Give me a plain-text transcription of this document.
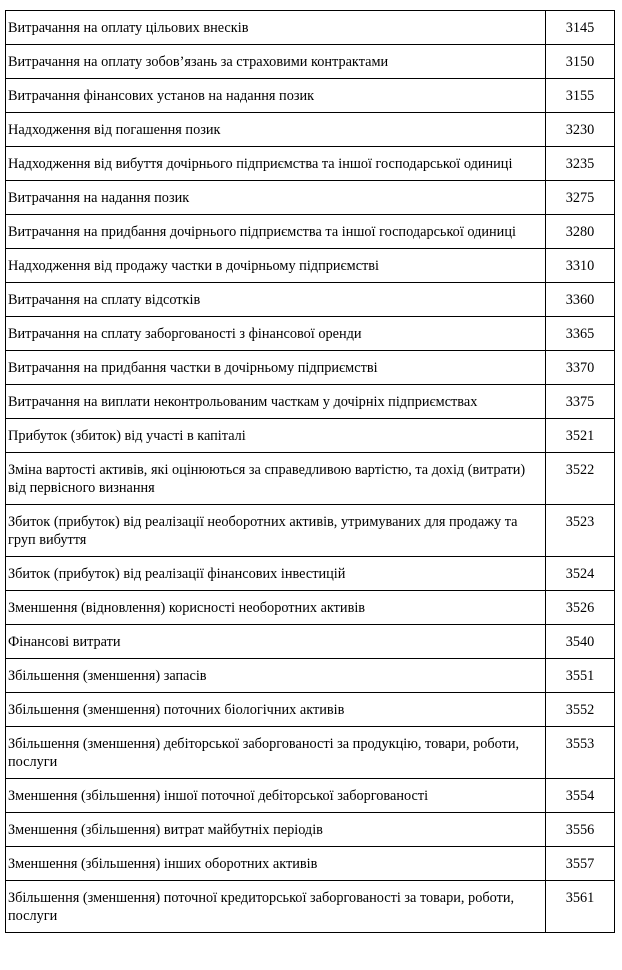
Витрачання на оплату цільових внесків	3145
Витрачання на оплату зобов’язань за страховими контрактами	3150
Витрачання фінансових установ на надання позик	3155
Надходження від погашення позик	3230
Надходження від вибуття дочірнього підприємства та іншої господарської одиниці	3235
Витрачання на надання позик	3275
Витрачання на придбання дочірнього підприємства та іншої господарської одиниці	3280
Надходження від продажу частки в дочірньому підприємстві	3310
Витрачання на сплату відсотків	3360
Витрачання на сплату заборгованості з фінансової оренди	3365
Витрачання на придбання частки в дочірньому підприємстві	3370
Витрачання на виплати неконтрольованим часткам у дочірніх підприємствах	3375
Прибуток (збиток) від участі в капіталі	3521
Зміна вартості активів, які оцінюються за справедливою вартістю, та дохід (витрати) від первісного визнання	3522
Збиток (прибуток) від реалізації необоротних активів, утримуваних для продажу та груп вибуття	3523
Збиток (прибуток) від реалізації фінансових інвестицій	3524
Зменшення (відновлення) корисності необоротних активів	3526
Фінансові витрати	3540
Збільшення (зменшення) запасів	3551
Збільшення (зменшення) поточних біологічних активів	3552
Збільшення (зменшення) дебіторської заборгованості за продукцію, товари, роботи, послуги	3553
Зменшення (збільшення) іншої поточної дебіторської заборгованості	3554
Зменшення (збільшення) витрат майбутніх періодів	3556
Зменшення (збільшення) інших оборотних активів	3557
Збільшення (зменшення) поточної кредиторської заборгованості за товари, роботи, послуги	3561
